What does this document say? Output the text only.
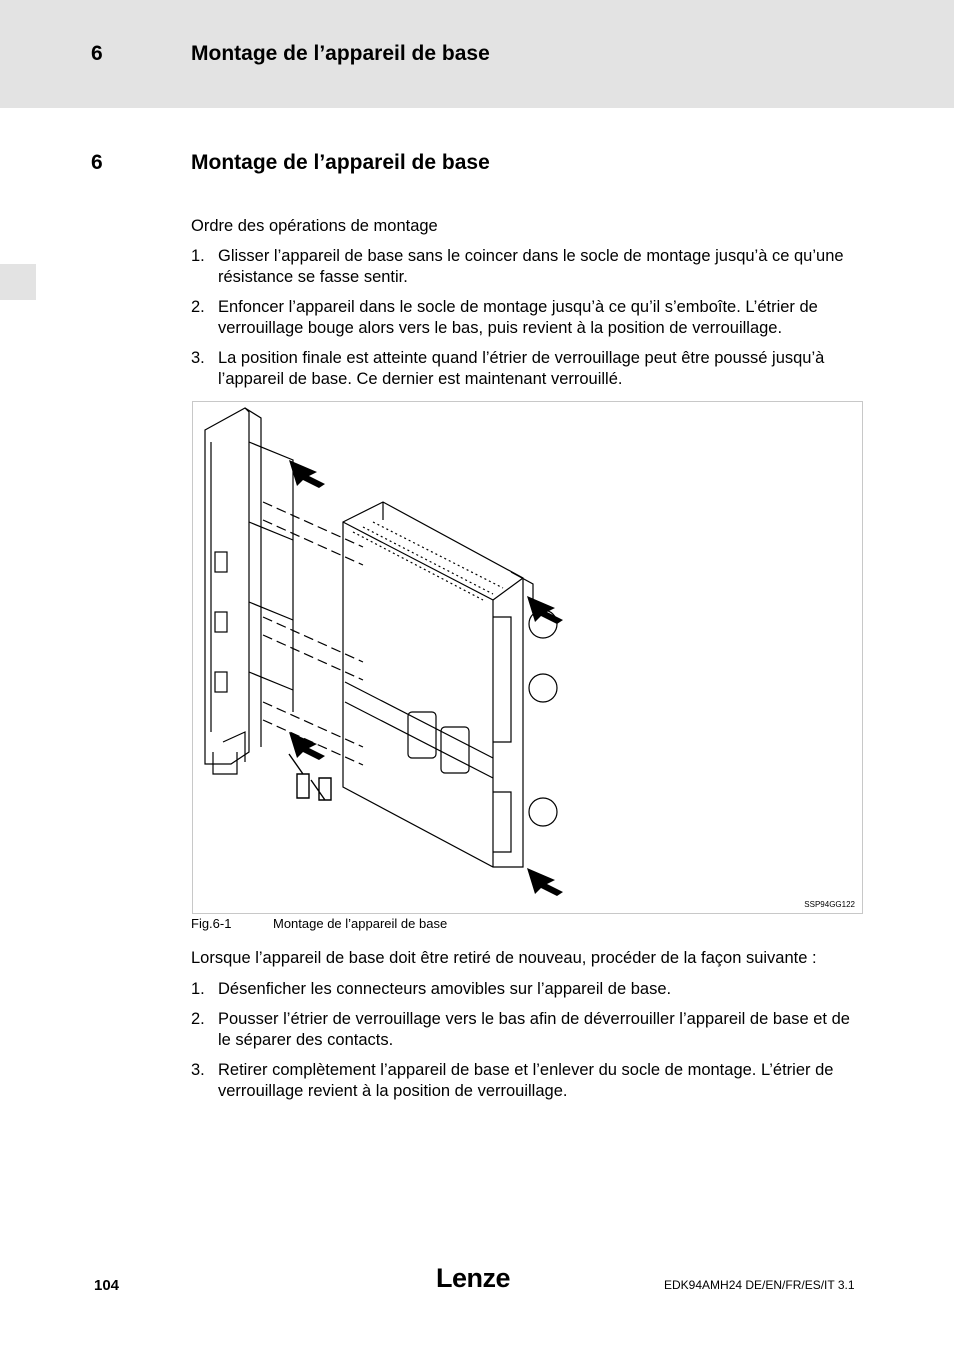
6	Montage de l’appareil de base
6	Montage de l’appareil de base
Ordre des opérations de montage
1. Glisser l’appareil de base sans le coincer dans le socle de montage jusqu’à ce qu’une résistance se fasse sentir.
2. Enfoncer l’appareil dans le socle de montage jusqu’à ce qu’il s’emboîte. L’étrier de verrouillage bouge alors vers le bas, puis revient à la position de verrouillage.
3. La position finale est atteinte quand l’étrier de verrouillage peut être poussé jusqu’à l’appareil de base. Ce dernier est maintenant verrouillé.
SSP94GG122
Fig.6-1	Montage de l’appareil de base
Lorsque l’appareil de base doit être retiré de nouveau, procéder de la façon suivante :
1. Désenficher les connecteurs amovibles sur l’appareil de base.
2. Pousser l’étrier de verrouillage vers le bas afin de déverrouiller l’appareil de base et de le séparer des contacts.
3. Retirer complètement l’appareil de base et l’enlever du socle de montage. L’étrier de verrouillage revient à la position de verrouillage.
104	Lenze	EDK94AMH24 DE/EN/FR/ES/IT 3.1
